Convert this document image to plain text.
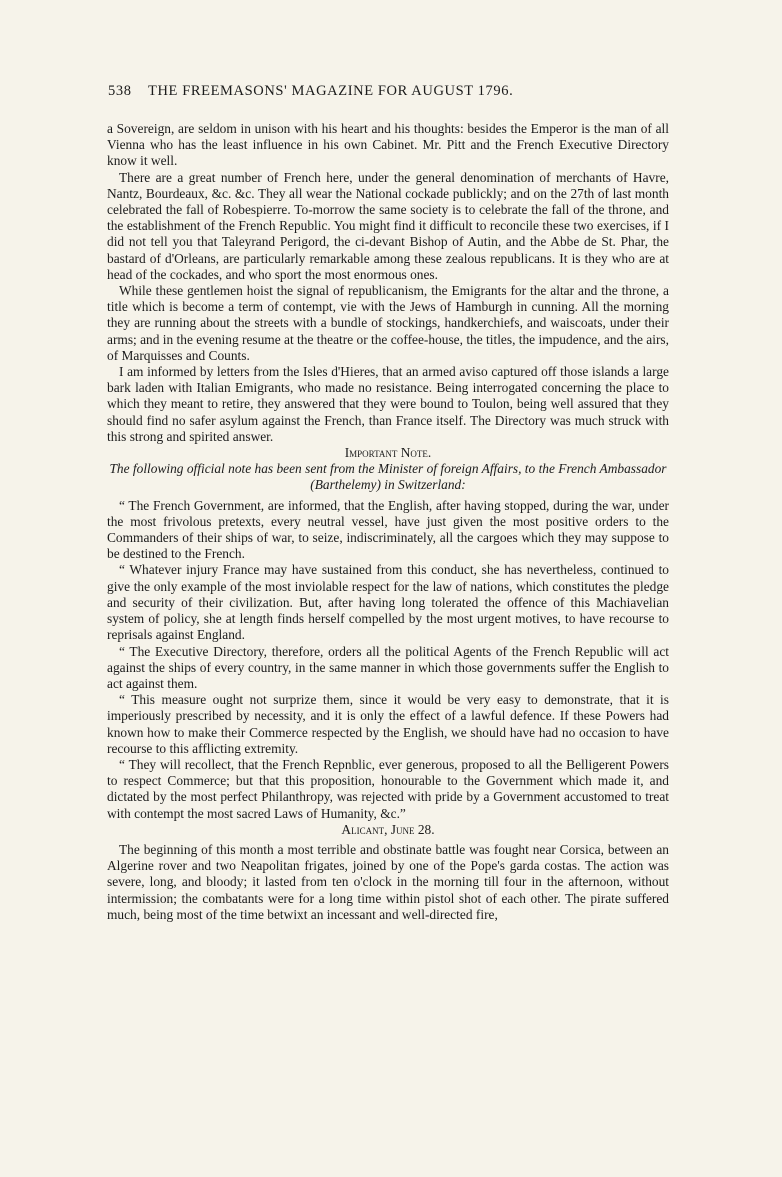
538 THE FREEMASONS' MAGAZINE FOR AUGUST 1796.

a Sovereign, are seldom in unison with his heart and his thoughts: besides the Emperor is the man of all Vienna who has the least influence in his own Cabinet. Mr. Pitt and the French Executive Directory know it well.

There are a great number of French here, under the general denomination of merchants of Havre, Nantz, Bourdeaux, &c. &c. They all wear the National cockade publickly; and on the 27th of last month celebrated the fall of Robespierre. To-morrow the same society is to celebrate the fall of the throne, and the establishment of the French Republic. You might find it difficult to reconcile these two exercises, if I did not tell you that Taleyrand Perigord, the ci-devant Bishop of Autin, and the Abbe de St. Phar, the bastard of d'Orleans, are particularly remarkable among these zealous republicans. It is they who are at head of the cockades, and who sport the most enormous ones.

While these gentlemen hoist the signal of republicanism, the Emigrants for the altar and the throne, a title which is become a term of contempt, vie with the Jews of Hamburgh in cunning. All the morning they are running about the streets with a bundle of stockings, handkerchiefs, and waiscoats, under their arms; and in the evening resume at the theatre or the coffee-house, the titles, the impudence, and the airs, of Marquisses and Counts.

I am informed by letters from the Isles d'Hieres, that an armed aviso captured off those islands a large bark laden with Italian Emigrants, who made no resistance. Being interrogated concerning the place to which they meant to retire, they answered that they were bound to Toulon, being well assured that they should find no safer asylum against the French, than France itself. The Directory was much struck with this strong and spirited answer.

Important Note.

The following official note has been sent from the Minister of foreign Affairs, to the French Ambassador (Barthelemy) in Switzerland:

“ The French Government, are informed, that the English, after having stopped, during the war, under the most frivolous pretexts, every neutral vessel, have just given the most positive orders to the Commanders of their ships of war, to seize, indiscriminately, all the cargoes which they may suppose to be destined to the French.

“ Whatever injury France may have sustained from this conduct, she has nevertheless, continued to give the only example of the most inviolable respect for the law of nations, which constitutes the pledge and security of their civilization. But, after having long tolerated the offence of this Machiavelian system of policy, she at length finds herself compelled by the most urgent motives, to have recourse to reprisals against England.

“ The Executive Directory, therefore, orders all the political Agents of the French Republic will act against the ships of every country, in the same manner in which those governments suffer the English to act against them.

“ This measure ought not surprize them, since it would be very easy to demonstrate, that it is imperiously prescribed by necessity, and it is only the effect of a lawful defence. If these Powers had known how to make their Commerce respected by the English, we should have had no occasion to have recourse to this afflicting extremity.

“ They will recollect, that the French Repnblic, ever generous, proposed to all the Belligerent Powers to respect Commerce; but that this proposition, honourable to the Government which made it, and dictated by the most perfect Philanthropy, was rejected with pride by a Government accustomed to treat with contempt the most sacred Laws of Humanity, &c.”

Alicant, June 28.

The beginning of this month a most terrible and obstinate battle was fought near Corsica, between an Algerine rover and two Neapolitan frigates, joined by one of the Pope's garda costas. The action was severe, long, and bloody; it lasted from ten o'clock in the morning till four in the afternoon, without intermission; the combatants were for a long time within pistol shot of each other. The pirate suffered much, being most of the time betwixt an incessant and well-directed fire,
